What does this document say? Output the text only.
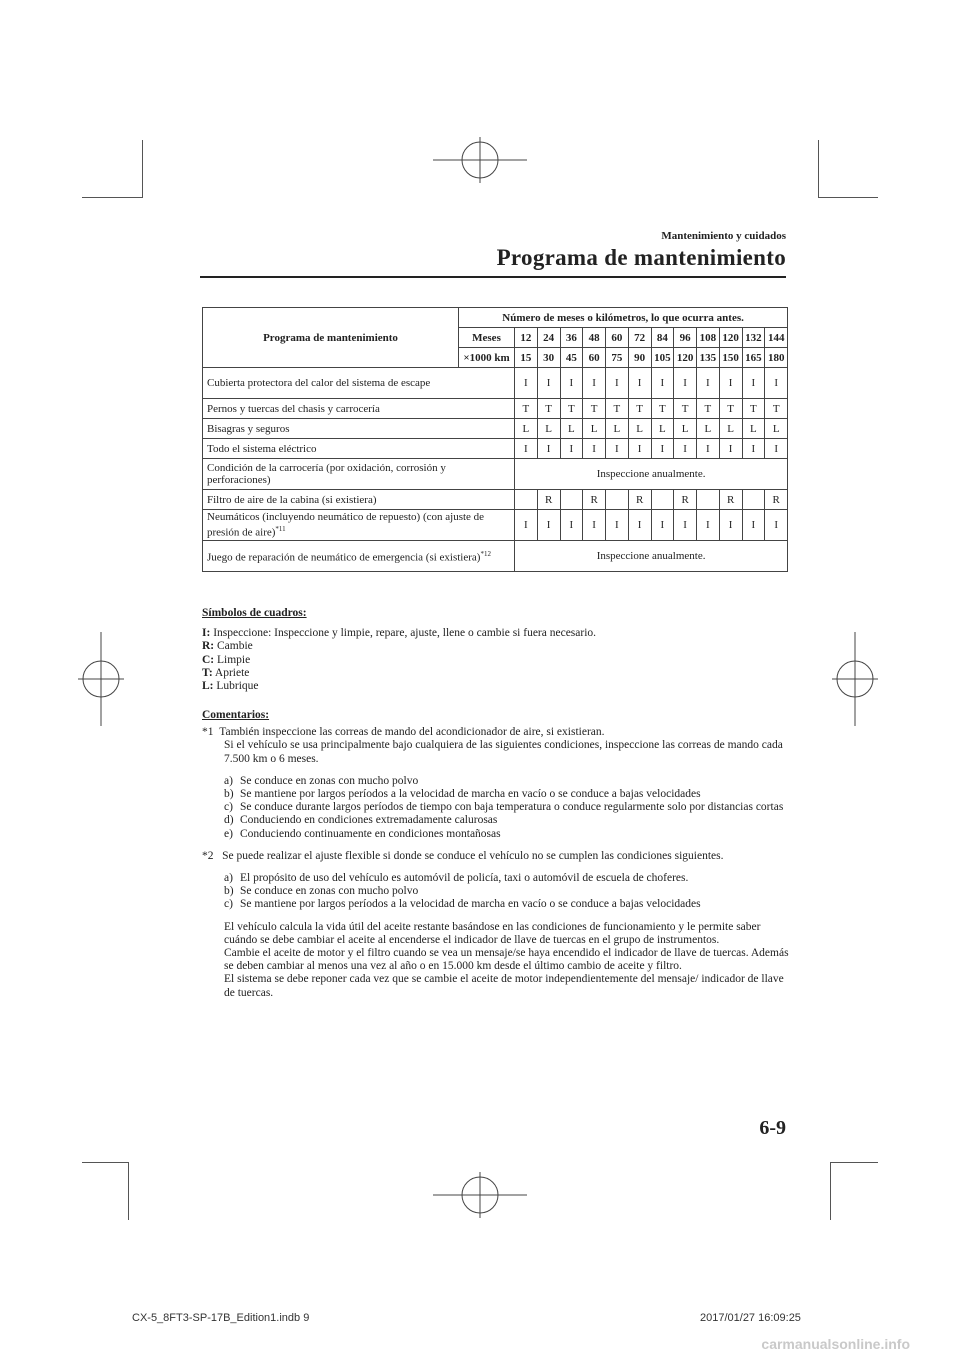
Mantenimiento y cuidados
Programa de mantenimiento
Programa de mantenimiento	Número de meses o kilómetros, lo que ocurra antes.												
	Meses	12	24	36	48	60	72	84	96	108	120	132	144
	×1000 km	15	30	45	60	75	90	105	120	135	150	165	180
Cubierta protectora del calor del sistema de escape		I	I	I	I	I	I	I	I	I	I	I	I
Pernos y tuercas del chasis y carrocería		T	T	T	T	T	T	T	T	T	T	T	T
Bisagras y seguros		L	L	L	L	L	L	L	L	L	L	L	L
Todo el sistema eléctrico		I	I	I	I	I	I	I	I	I	I	I	I
Condición de la carrocería (por oxidación, corrosión y perforaciones)		Inspeccione anualmente.											
Filtro de aire de la cabina (si existiera)			R		R		R		R		R		R
Neumáticos (incluyendo neumático de repuesto) (con ajuste de presión de aire)$^{*11}$		I	I	I	I	I	I	I	I	I	I	I	I
Juego de reparación de neumático de emergencia (si existiera)$^{*12}$		Inspeccione anualmente.											
Símbolos de cuadros:
I: Inspeccione: Inspeccione y limpie, repare, ajuste, llene o cambie si fuera necesario.
R: Cambie
C: Limpie
T: Apriete
L: Lubrique
Comentarios:
*1 También inspeccione las correas de mando del acondicionador de aire, si existieran.
Si el vehículo se usa principalmente bajo cualquiera de las siguientes condiciones, inspeccione las correas de mando cada 7.500 km o 6 meses.
a) Se conduce en zonas con mucho polvo
b) Se mantiene por largos períodos a la velocidad de marcha en vacío o se conduce a bajas velocidades
c) Se conduce durante largos períodos de tiempo con baja temperatura o conduce regularmente solo por distancias cortas
d) Conduciendo en condiciones extremadamente calurosas
e) Conduciendo continuamente en condiciones montañosas
*2 Se puede realizar el ajuste flexible si donde se conduce el vehículo no se cumplen las condiciones siguientes.
a) El propósito de uso del vehículo es automóvil de policía, taxi o automóvil de escuela de choferes.
b) Se conduce en zonas con mucho polvo
c) Se mantiene por largos períodos a la velocidad de marcha en vacío o se conduce a bajas velocidades
El vehículo calcula la vida útil del aceite restante basándose en las condiciones de funcionamiento y le permite saber cuándo se debe cambiar el aceite al encenderse el indicador de llave de tuercas en el grupo de instrumentos.
Cambie el aceite de motor y el filtro cuando se vea un mensaje/se haya encendido el indicador de llave de tuercas. Además se deben cambiar al menos una vez al año o en 15.000 km desde el último cambio de aceite y filtro.
El sistema se debe reponer cada vez que se cambie el aceite de motor independientemente del mensaje/ indicador de llave de tuercas.
6-9
CX-5_8FT3-SP-17B_Edition1.indb 9	2017/01/27 16:09:25
carmanualsonline.info
